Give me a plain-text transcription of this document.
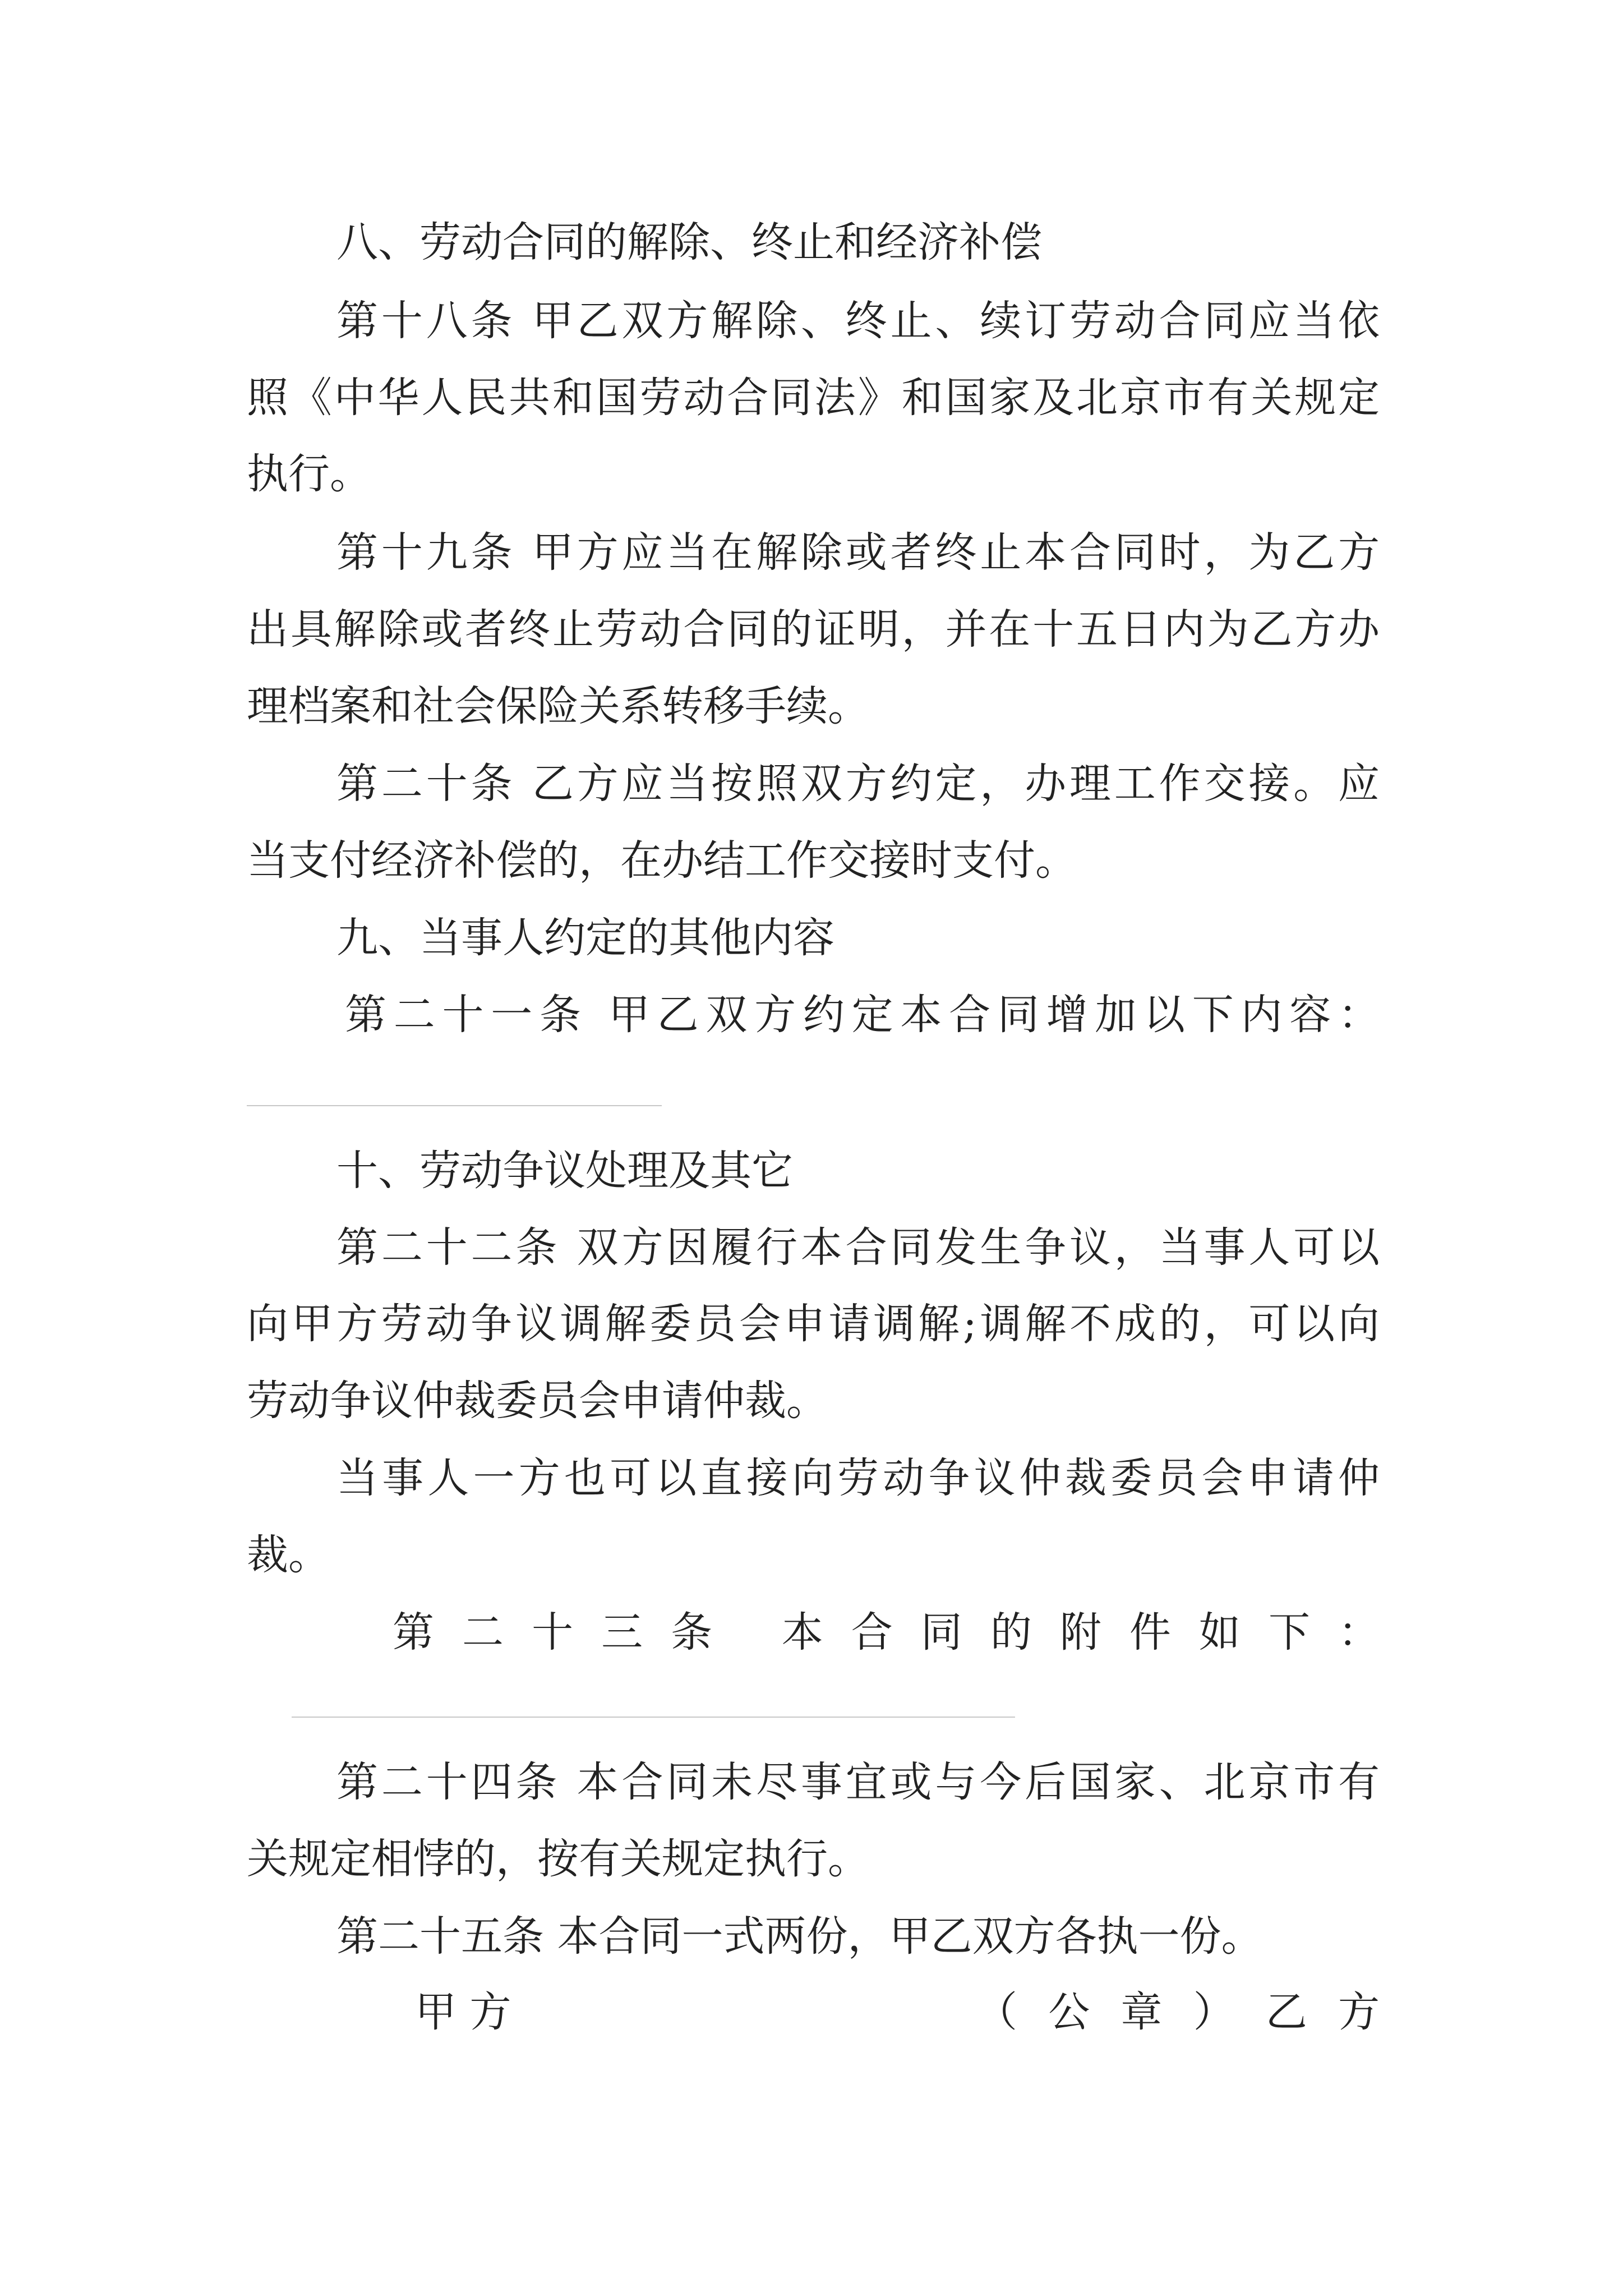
八、劳动合同的解除、终止和经济补偿
第十八条 甲乙双方解除、终止、续订劳动合同应当依
照《中华人民共和国劳动合同法》和国家及北京市有关规定
执行。
第十九条 甲方应当在解除或者终止本合同时，为乙方
出具解除或者终止劳动合同的证明，并在十五日内为乙方办
理档案和社会保险关系转移手续。
第二十条 乙方应当按照双方约定，办理工作交接。应
当支付经济补偿的，在办结工作交接时支付。
九、当事人约定的其他内容
第二十一条 甲乙双方约定本合同增加以下内容：
十、劳动争议处理及其它
第二十二条 双方因履行本合同发生争议，当事人可以
向甲方劳动争议调解委员会申请调解;调解不成的，可以向
劳动争议仲裁委员会申请仲裁。
当事人一方也可以直接向劳动争议仲裁委员会申请仲
裁。
第二十三条 本合同的附件如下：
第二十四条 本合同未尽事宜或与今后国家、北京市有
关规定相悖的，按有关规定执行。
第二十五条 本合同一式两份，甲乙双方各执一份。
甲 方	（ 公 章 ） 乙 方
